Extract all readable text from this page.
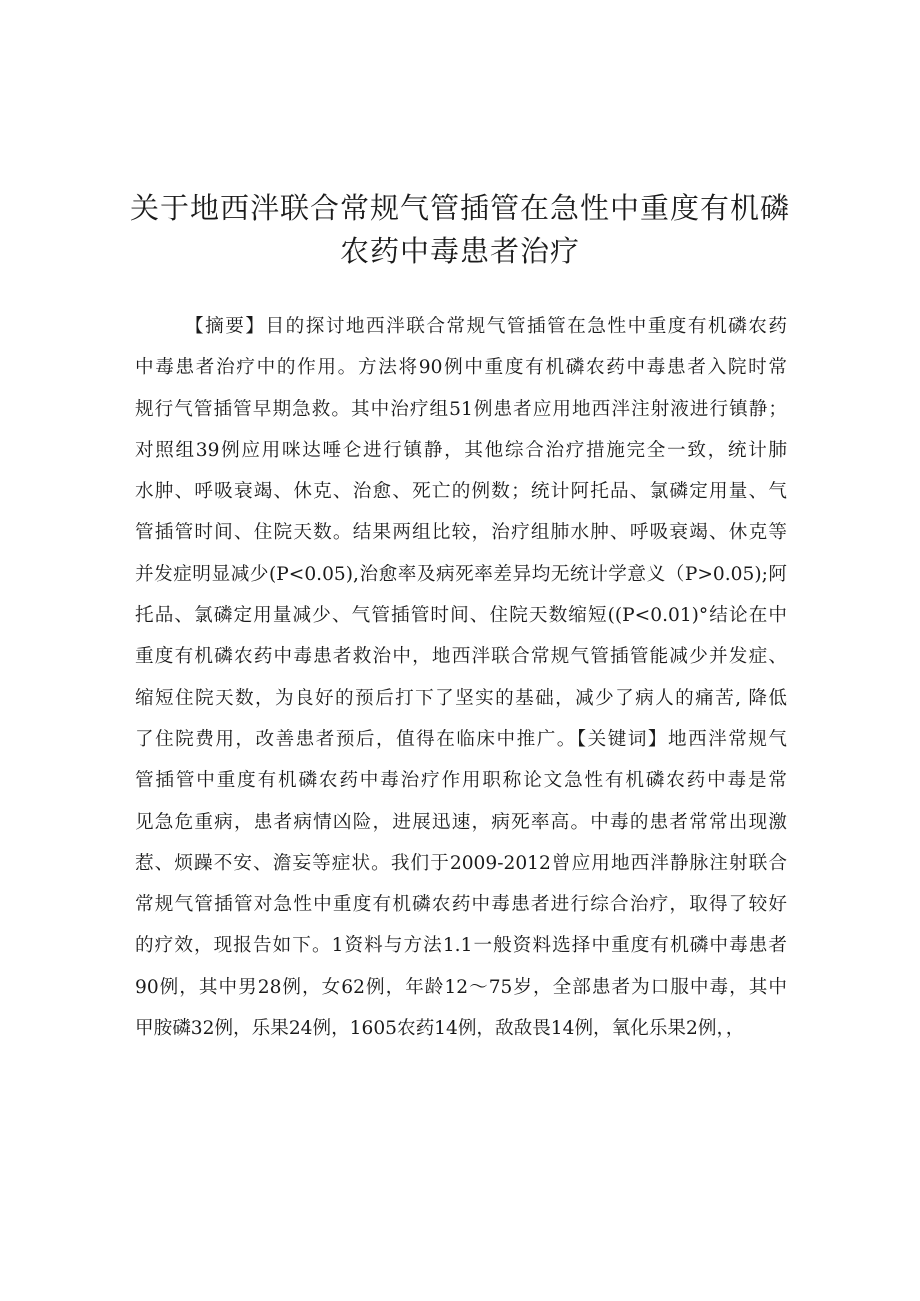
关于地西泮联合常规气管插管在急性中重度有机磷
农药中毒患者治疗
【摘要】目的探讨地西泮联合常规气管插管在急性中重度有机磷农药
中毒患者治疗中的作用。方法将90例中重度有机磷农药中毒患者入院时常
规行气管插管早期急救。其中治疗组51例患者应用地西泮注射液进行镇静；
对照组39例应用咪达唾仑进行镇静，其他综合治疗措施完全一致，统计肺
水肿、呼吸衰竭、休克、治愈、死亡的例数；统计阿托品、氯磷定用量、气
管插管时间、住院天数。结果两组比较，治疗组肺水肿、呼吸衰竭、休克等
并发症明显减少(P<0.05),治愈率及病死率差异均无统计学意义（P>0.05);阿
托品、氯磷定用量减少、气管插管时间、住院天数缩短((P<0.01)°结论在中
重度有机磷农药中毒患者救治中，地西泮联合常规气管插管能减少并发症、
缩短住院天数，为良好的预后打下了坚实的基础，减少了病人的痛苦, 降低
了住院费用，改善患者预后，值得在临床中推广。【关键词】地西泮常规气
管插管中重度有机磷农药中毒治疗作用职称论文急性有机磷农药中毒是常
见急危重病，患者病情凶险，进展迅速，病死率高。中毒的患者常常出现激
惹、烦躁不安、澹妄等症状。我们于2009-2012曾应用地西泮静脉注射联合
常规气管插管对急性中重度有机磷农药中毒患者进行综合治疗，取得了较好
的疗效，现报告如下。1资料与方法1.1一般资料选择中重度有机磷中毒患者
90例，其中男28例，女62例，年龄12～75岁，全部患者为口服中毒，其中
甲胺磷32例，乐果24例，1605农药14例，敌敌畏14例，氧化乐果2例，，
